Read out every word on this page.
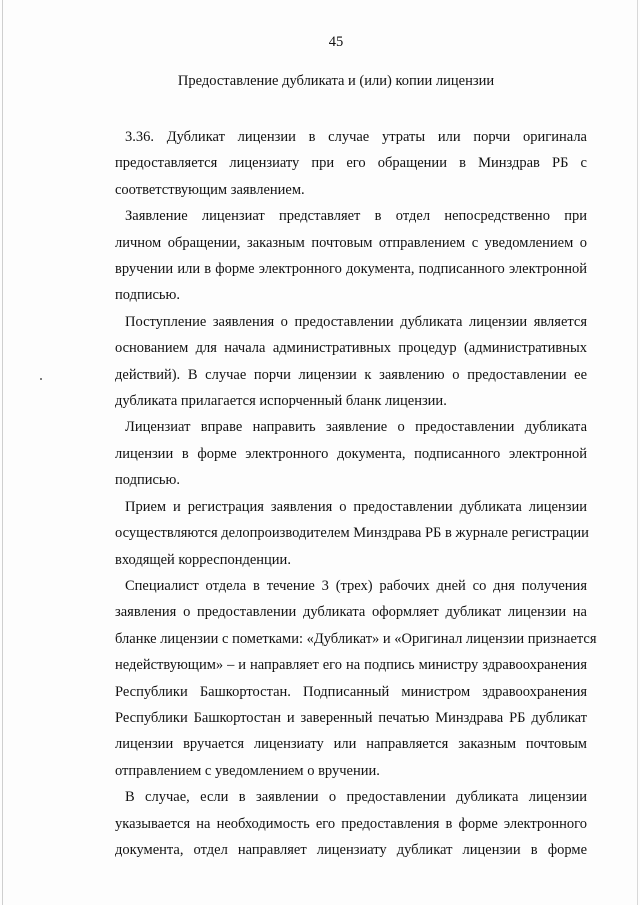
45
Предоставление дубликата и (или) копии лицензии

3.36. Дубликат лицензии в случае утраты или порчи оригинала
предоставляется лицензиату при его обращении в Минздрав РБ с
соответствующим заявлением.

Заявление лицензиат представляет в отдел непосредственно при
личном обращении, заказным почтовым отправлением с уведомлением о
вручении или в форме электронного документа, подписанного электронной
подписью.

Поступление заявления о предоставлении дубликата лицензии является
основанием для начала административных процедур (административных
действий). В случае порчи лицензии к заявлению о предоставлении ее
дубликата прилагается испорченный бланк лицензии.

Лицензиат вправе направить заявление о предоставлении дубликата
лицензии в форме электронного документа, подписанного электронной
подписью.

Прием и регистрация заявления о предоставлении дубликата лицензии
осуществляются делопроизводителем Минздрава РБ в журнале регистрации
входящей корреспонденции.

Специалист отдела в течение 3 (трех) рабочих дней со дня получения
заявления о предоставлении дубликата оформляет дубликат лицензии на
бланке лицензии с пометками: «Дубликат» и «Оригинал лицензии признается
недействующим» – и направляет его на подпись министру здравоохранения
Республики Башкортостан. Подписанный министром здравоохранения
Республики Башкортостан и заверенный печатью Минздрава РБ дубликат
лицензии вручается лицензиату или направляется заказным почтовым
отправлением с уведомлением о вручении.

В случае, если в заявлении о предоставлении дубликата лицензии
указывается на необходимость его предоставления в форме электронного
документа, отдел направляет лицензиату дубликат лицензии в форме
